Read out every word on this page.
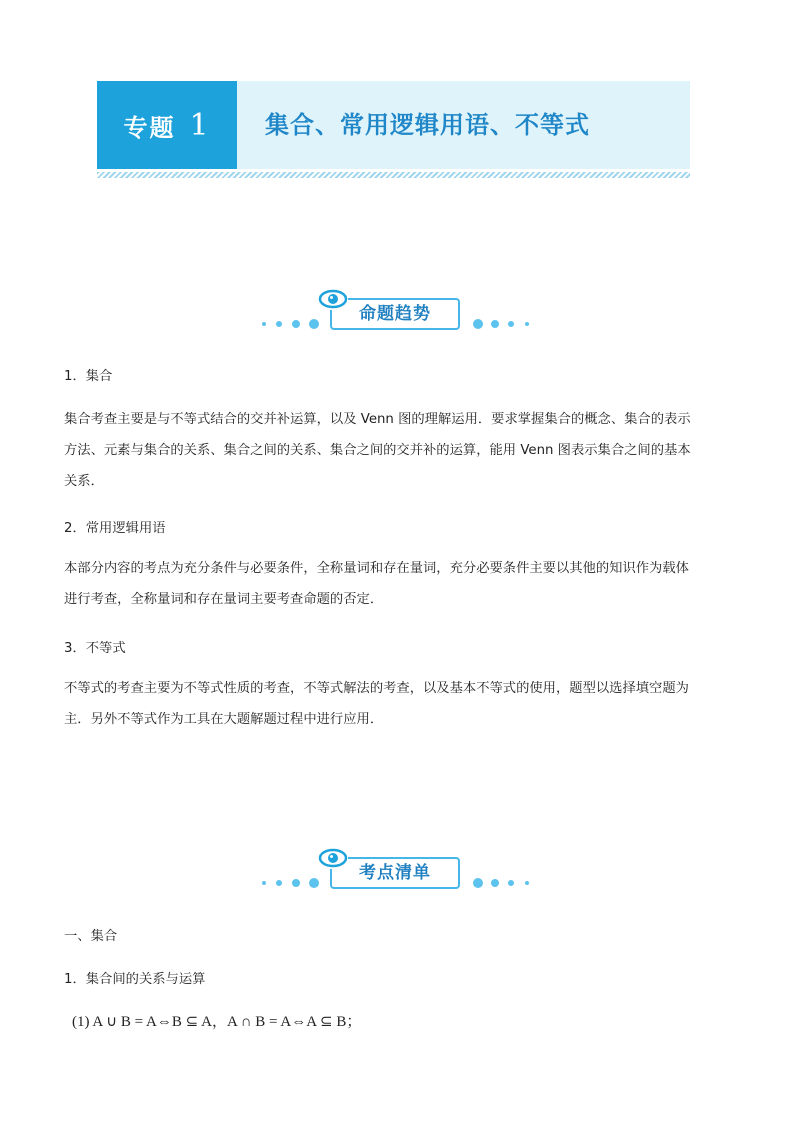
专题 1 集合、常用逻辑用语、不等式
命题趋势
1．集合
集合考查主要是与不等式结合的交并补运算，以及 Venn 图的理解运用．要求掌握集合的概念、集合的表示
方法、元素与集合的关系、集合之间的关系、集合之间的交并补的运算，能用 Venn 图表示集合之间的基本
关系．
2．常用逻辑用语
本部分内容的考点为充分条件与必要条件，全称量词和存在量词，充分必要条件主要以其他的知识作为载体
进行考查，全称量词和存在量词主要考查命题的否定．
3．不等式
不等式的考查主要为不等式性质的考查，不等式解法的考查，以及基本不等式的使用，题型以选择填空题为
主．另外不等式作为工具在大题解题过程中进行应用．
考点清单
一、集合
1．集合间的关系与运算
(1) A ∪ B = A⇔B ⊆ A，A ∩ B = A⇔A ⊆ B；
